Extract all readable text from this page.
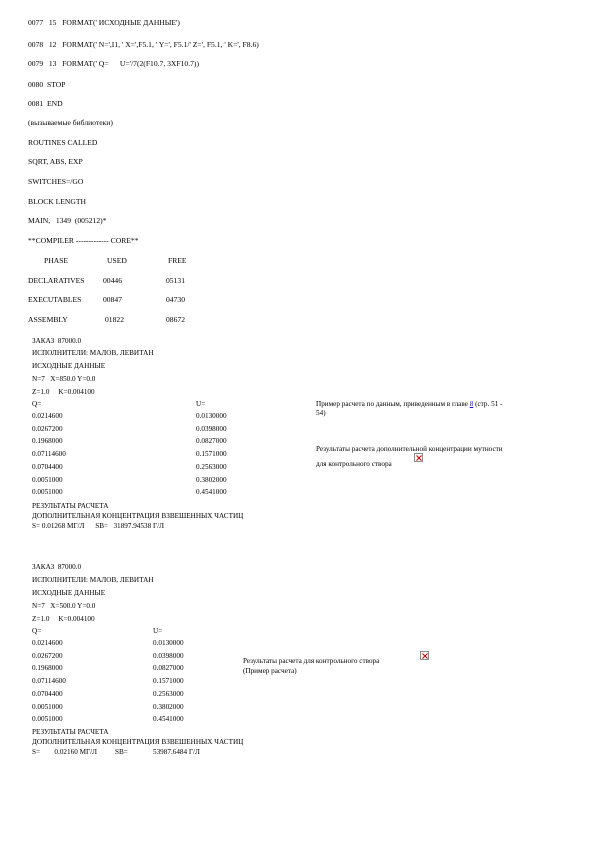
0077   15   FORMAT(' ИСХОДНЫЕ ДАННЫЕ')
0078   12   FORMAT(' N=',I1, ' X=',F5.1, ' Y=', F5.1/' Z=', F5.1, ' K=', F8.6)
0079   13   FORMAT(' Q=      U='/7(2(F10.7, 3XF10.7))
0080  STOP
0081  END
(вызываемые библиотеки)
ROUTINES CALLED
SQRT, ABS, EXP
SWITCHES=/GO
BLOCK LENGTH
MAIN,   1349  (005212)*
**COMPILER ------------- CORE**
PHASE	USED	FREE
DECLARATIVES 00446	05131
EXECUTABLES	00847	04730
ASSEMBLY	01822	08672
ЗАКАЗ  87000.0
ИСПОЛНИТЕЛИ: МАЛОВ, ЛЕВИТАН
ИСХОДНЫЕ ДАННЫЕ
N=7   X=850.0 Y=0.0
Z=1.0     K=0.004100
Q=	U=
0.0214600	0.0130000
0.0267200	0.0398000
0.1968000	0.0827000
0.07114600	0.1571000
0.0704400	0.2563000
0.0051000	0.3802000
0.0051000	0.4541000
РЕЗУЛЬТАТЫ РАСЧЕТА
ДОПОЛНИТЕЛЬНАЯ КОНЦЕНТРАЦИЯ ВЗВЕШЕННЫХ ЧАСТИЦ
S= 0.01268 МГ/Л      SB=   31897.94538 Г/Л
Пример расчета по данным, приведенным в главе 8 (стр. 51 -
54)
Результаты расчета дополнительной концентрации мутности
для контрольного створа
ЗАКАЗ  87000.0
ИСПОЛНИТЕЛИ: МАЛОВ, ЛЕВИТАН
ИСХОДНЫЕ ДАННЫЕ
N=7   X=500.0 Y=0.0
Z=1.0     K=0.004100
Q=	U=
0.0214600	0.0130000
0.0267200	0.0398000
0.1968000	0.0827000
0.07114600	0.1571000
0.0704400	0.2563000
0.0051000	0.3802000
0.0051000	0.4541000
РЕЗУЛЬТАТЫ РАСЧЕТА
ДОПОЛНИТЕЛЬНАЯ КОНЦЕНТРАЦИЯ ВЗВЕШЕННЫХ ЧАСТИЦ
S=        0.02160 МГ/Л          SB=              53987.6484 Г/Л
Результаты расчета для контрольного створа
(Пример расчета)
